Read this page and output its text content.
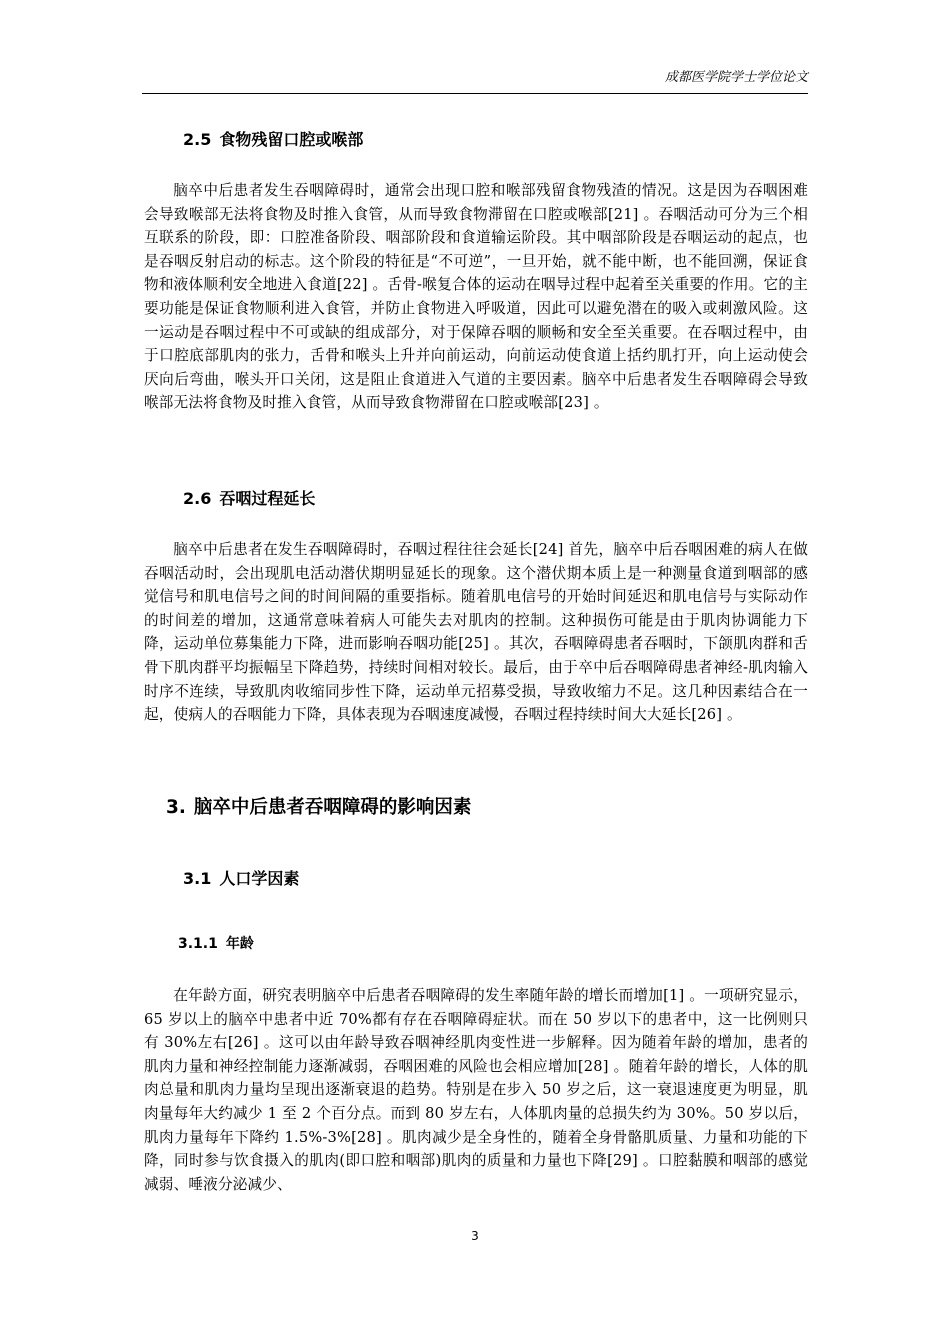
成都医学院学士学位论文
2.5 食物残留口腔或喉部

脑卒中后患者发生吞咽障碍时，通常会出现口腔和喉部残留食物残渣的情况。这是因为吞咽困难会导致喉部无法将食物及时推入食管，从而导致食物滞留在口腔或喉部[21] 。吞咽活动可分为三个相互联系的阶段，即：口腔准备阶段、咽部阶段和食道输运阶段。其中咽部阶段是吞咽运动的起点，也是吞咽反射启动的标志。这个阶段的特征是“不可逆”，一旦开始，就不能中断，也不能回溯，保证食物和液体顺利安全地进入食道[22] 。舌骨-喉复合体的运动在咽导过程中起着至关重要的作用。它的主要功能是保证食物顺利进入食管，并防止食物进入呼吸道，因此可以避免潜在的吸入或刺激风险。这一运动是吞咽过程中不可或缺的组成部分，对于保障吞咽的顺畅和安全至关重要。在吞咽过程中，由于口腔底部肌肉的张力，舌骨和喉头上升并向前运动，向前运动使食道上括约肌打开，向上运动使会厌向后弯曲，喉头开口关闭，这是阻止食道进入气道的主要因素。脑卒中后患者发生吞咽障碍会导致喉部无法将食物及时推入食管，从而导致食物滞留在口腔或喉部[23] 。

2.6 吞咽过程延长

脑卒中后患者在发生吞咽障碍时，吞咽过程往往会延长[24] 首先，脑卒中后吞咽困难的病人在做吞咽活动时，会出现肌电活动潜伏期明显延长的现象。这个潜伏期本质上是一种测量食道到咽部的感觉信号和肌电信号之间的时间间隔的重要指标。随着肌电信号的开始时间延迟和肌电信号与实际动作的时间差的增加，这通常意味着病人可能失去对肌肉的控制。这种损伤可能是由于肌肉协调能力下降，运动单位募集能力下降，进而影响吞咽功能[25] 。其次，吞咽障碍患者吞咽时，下颌肌肉群和舌骨下肌肉群平均振幅呈下降趋势，持续时间相对较长。最后，由于卒中后吞咽障碍患者神经-肌肉输入时序不连续，导致肌肉收缩同步性下降，运动单元招募受损，导致收缩力不足。这几种因素结合在一起，使病人的吞咽能力下降，具体表现为吞咽速度减慢，吞咽过程持续时间大大延长[26] 。

3. 脑卒中后患者吞咽障碍的影响因素
3.1 人口学因素
3.1.1 年龄

在年龄方面，研究表明脑卒中后患者吞咽障碍的发生率随年龄的增长而增加[1] 。一项研究显示，65 岁以上的脑卒中患者中近 70%都有存在吞咽障碍症状。而在 50 岁以下的患者中，这一比例则只有 30%左右[26] 。这可以由年龄导致吞咽神经肌肉变性进一步解释。因为随着年龄的增加，患者的肌肉力量和神经控制能力逐渐减弱，吞咽困难的风险也会相应增加[28] 。随着年龄的增长，人体的肌肉总量和肌肉力量均呈现出逐渐衰退的趋势。特别是在步入 50 岁之后，这一衰退速度更为明显，肌肉量每年大约减少 1 至 2 个百分点。而到 80 岁左右，人体肌肉量的总损失约为 30%。50 岁以后，肌肉力量每年下降约 1.5%-3%[28] 。肌肉减少是全身性的，随着全身骨骼肌质量、力量和功能的下降，同时参与饮食摄入的肌肉(即口腔和咽部)肌肉的质量和力量也下降[29] 。口腔黏膜和咽部的感觉减弱、唾液分泌减少、

3
